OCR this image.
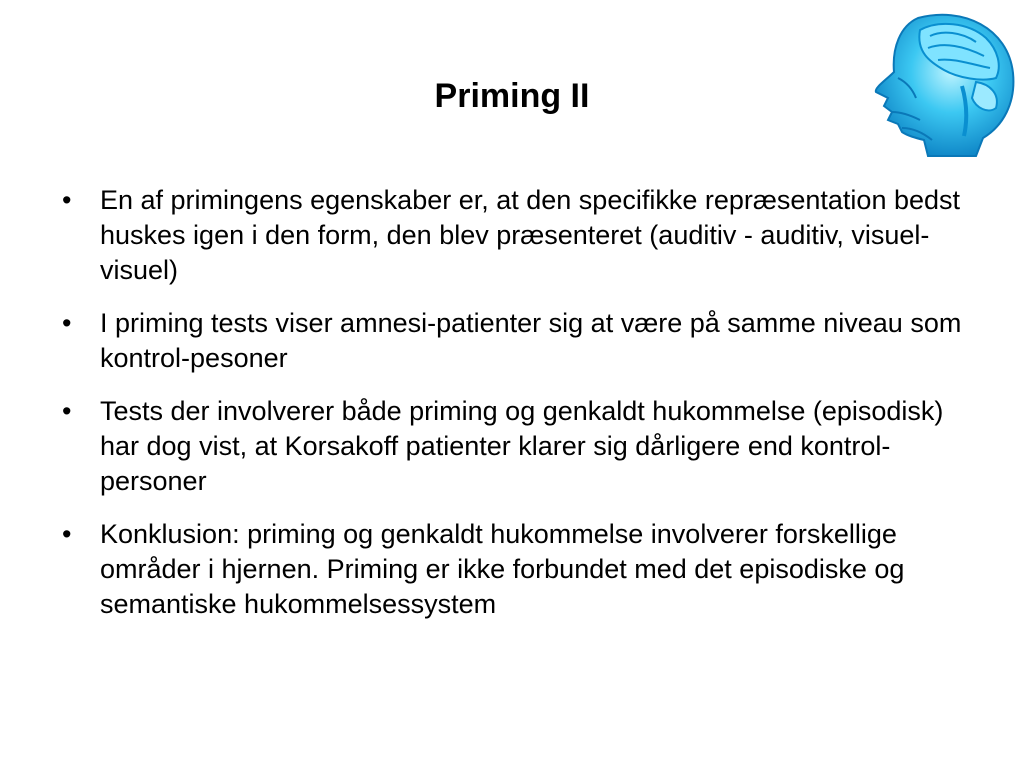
Priming II
• En af primingens egenskaber er, at den specifikke repræsentation bedst huskes igen i den form, den blev præsenteret (auditiv - auditiv, visuel-visuel)
• I priming tests viser amnesi-patienter sig at være på samme niveau som kontrol-pesoner
• Tests der involverer både priming og genkaldt hukommelse (episodisk) har dog vist, at Korsakoff patienter klarer sig dårligere end kontrol-personer
• Konklusion: priming og genkaldt hukommelse involverer forskellige områder i hjernen. Priming er ikke forbundet med det episodiske og semantiske hukommelsessystem
